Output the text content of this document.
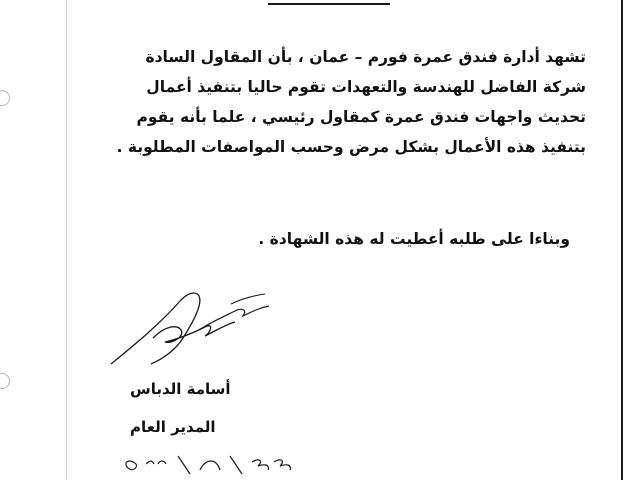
تشهد أدارة فندق عمرة فورم – عمان ، بأن المقاول السادة
شركة الفاضل للهندسة والتعهدات تقوم حاليا بتنفيذ أعمال
تحديث واجهات فندق عمرة كمقاول رئيسي ، علما بأنه يقوم
بتنفيذ هذه الأعمال بشكل مرض وحسب المواصفات المطلوبة .
وبناءا على طلبه أعطيت له هذه الشهادة .
أسامة الدباس
المدير العام
